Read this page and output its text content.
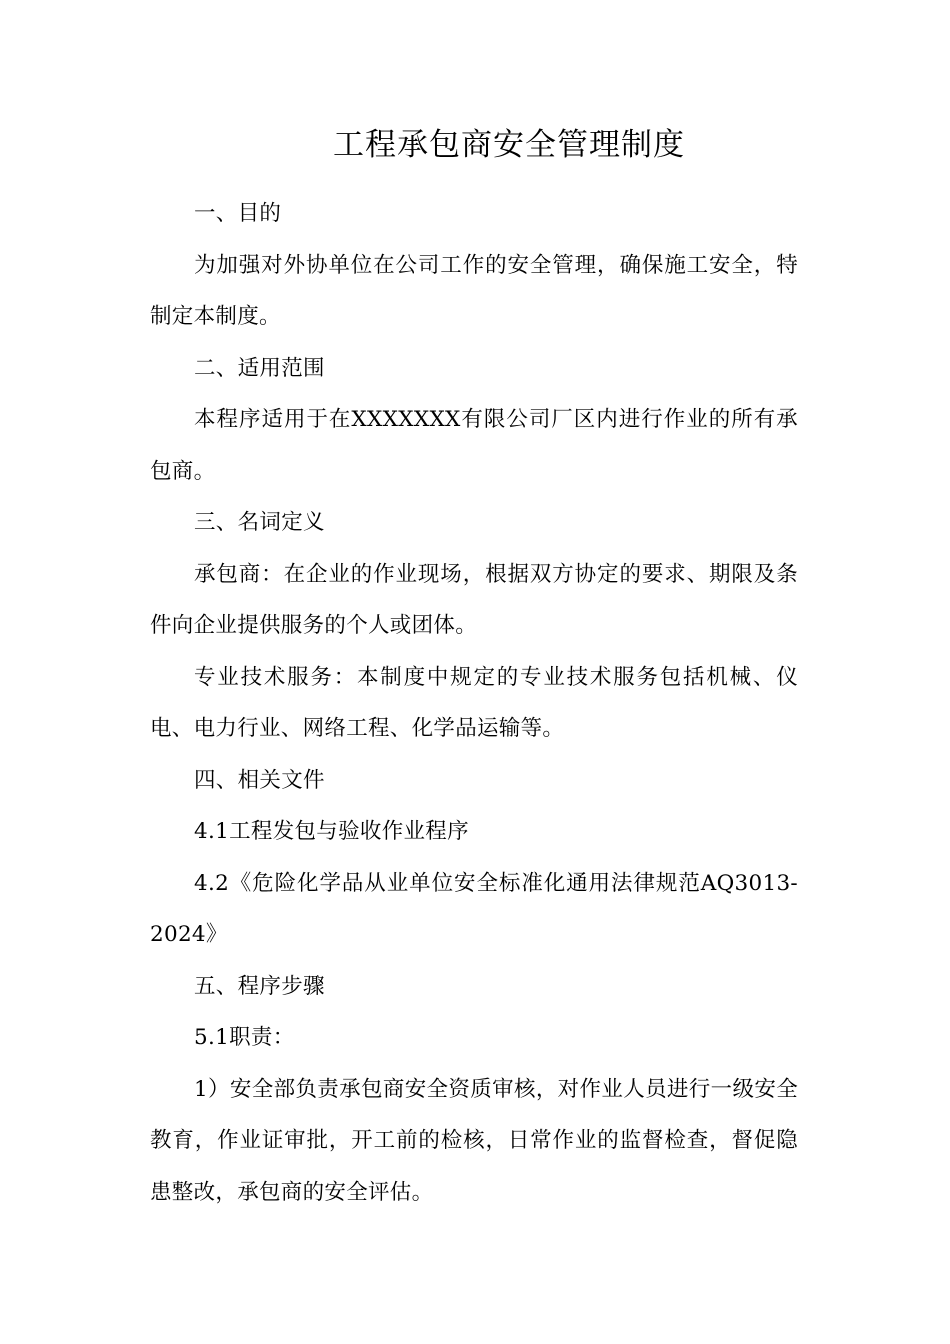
工程承包商安全管理制度

一、目的

为加强对外协单位在公司工作的安全管理，确保施工安全，特制定本制度。

二、适用范围

本程序适用于在XXXXXXX有限公司厂区内进行作业的所有承包商。

三、名词定义

承包商：在企业的作业现场，根据双方协定的要求、期限及条件向企业提供服务的个人或团体。

专业技术服务：本制度中规定的专业技术服务包括机械、仪电、电力行业、网络工程、化学品运输等。

四、相关文件

4.1工程发包与验收作业程序

4.2《危险化学品从业单位安全标准化通用法律规范AQ3013-2024》

五、程序步骤

5.1职责：

1）安全部负责承包商安全资质审核，对作业人员进行一级安全教育，作业证审批，开工前的检核，日常作业的监督检查，督促隐患整改，承包商的安全评估。
